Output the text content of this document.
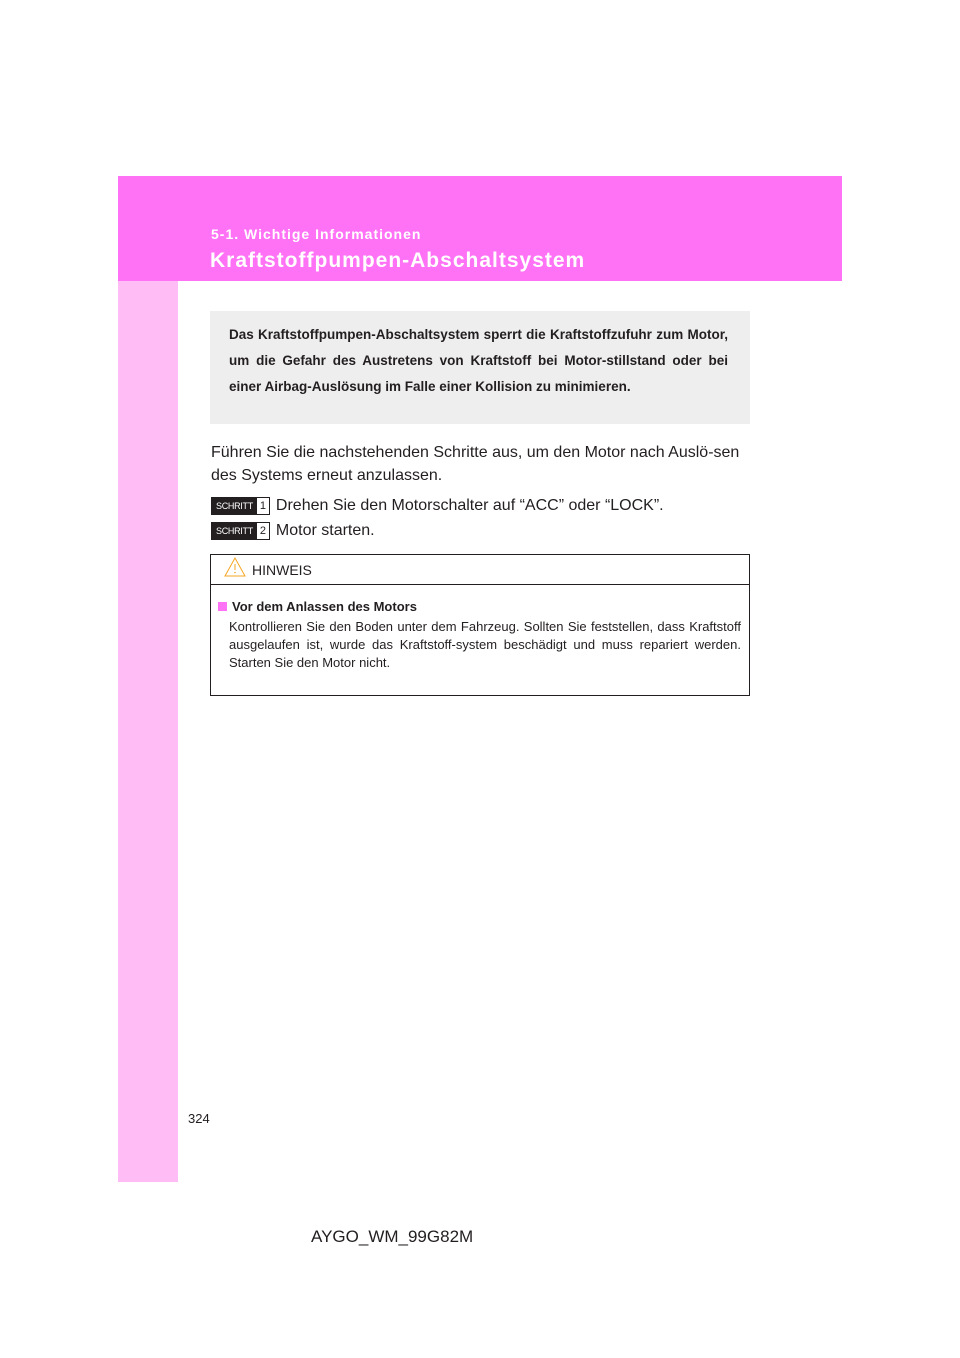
5-1. Wichtige Informationen
Kraftstoffpumpen-Abschaltsystem

Das Kraftstoffpumpen-Abschaltsystem sperrt die Kraftstoffzufuhr zum Motor, um die Gefahr des Austretens von Kraftstoff bei Motor-stillstand oder bei einer Airbag-Auslösung im Falle einer Kollision zu minimieren.

Führen Sie die nachstehenden Schritte aus, um den Motor nach Auslö-sen des Systems erneut anzulassen.

SCHRITT 1 Drehen Sie den Motorschalter auf “ACC” oder “LOCK”.
SCHRITT 2 Motor starten.
HINWEIS
Vor dem Anlassen des Motors

Kontrollieren Sie den Boden unter dem Fahrzeug. Sollten Sie feststellen, dass Kraftstoff ausgelaufen ist, wurde das Kraftstoff-system beschädigt und muss repariert werden. Starten Sie den Motor nicht.

324
AYGO_WM_99G82M
